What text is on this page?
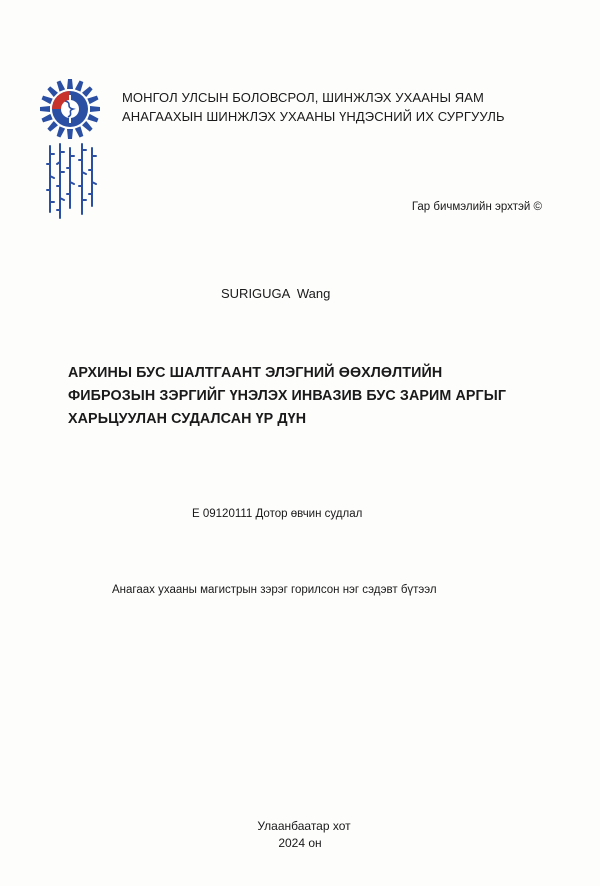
МОНГОЛ УЛСЫН БОЛОВСРОЛ, ШИНЖЛЭХ УХААНЫ ЯАМ
АНАГААХЫН ШИНЖЛЭХ УХААНЫ ҮНДЭСНИЙ ИХ СУРГУУЛЬ
Гар бичмэлийн эрхтэй ©
SURIGUGA  Wang
АРХИНЫ БУС ШАЛТГААНТ ЭЛЭГНИЙ ӨӨХЛӨЛТИЙН
ФИБРОЗЫН ЗЭРГИЙГ ҮНЭЛЭХ ИНВАЗИВ БУС ЗАРИМ АРГЫГ
ХАРЬЦУУЛАН СУДАЛСАН ҮР ДҮН
Е 09120111 Дотор өвчин судлал
Анагаах ухааны магистрын зэрэг горилсон нэг сэдэвт бүтээл
Улаанбаатар хот
2024 он
